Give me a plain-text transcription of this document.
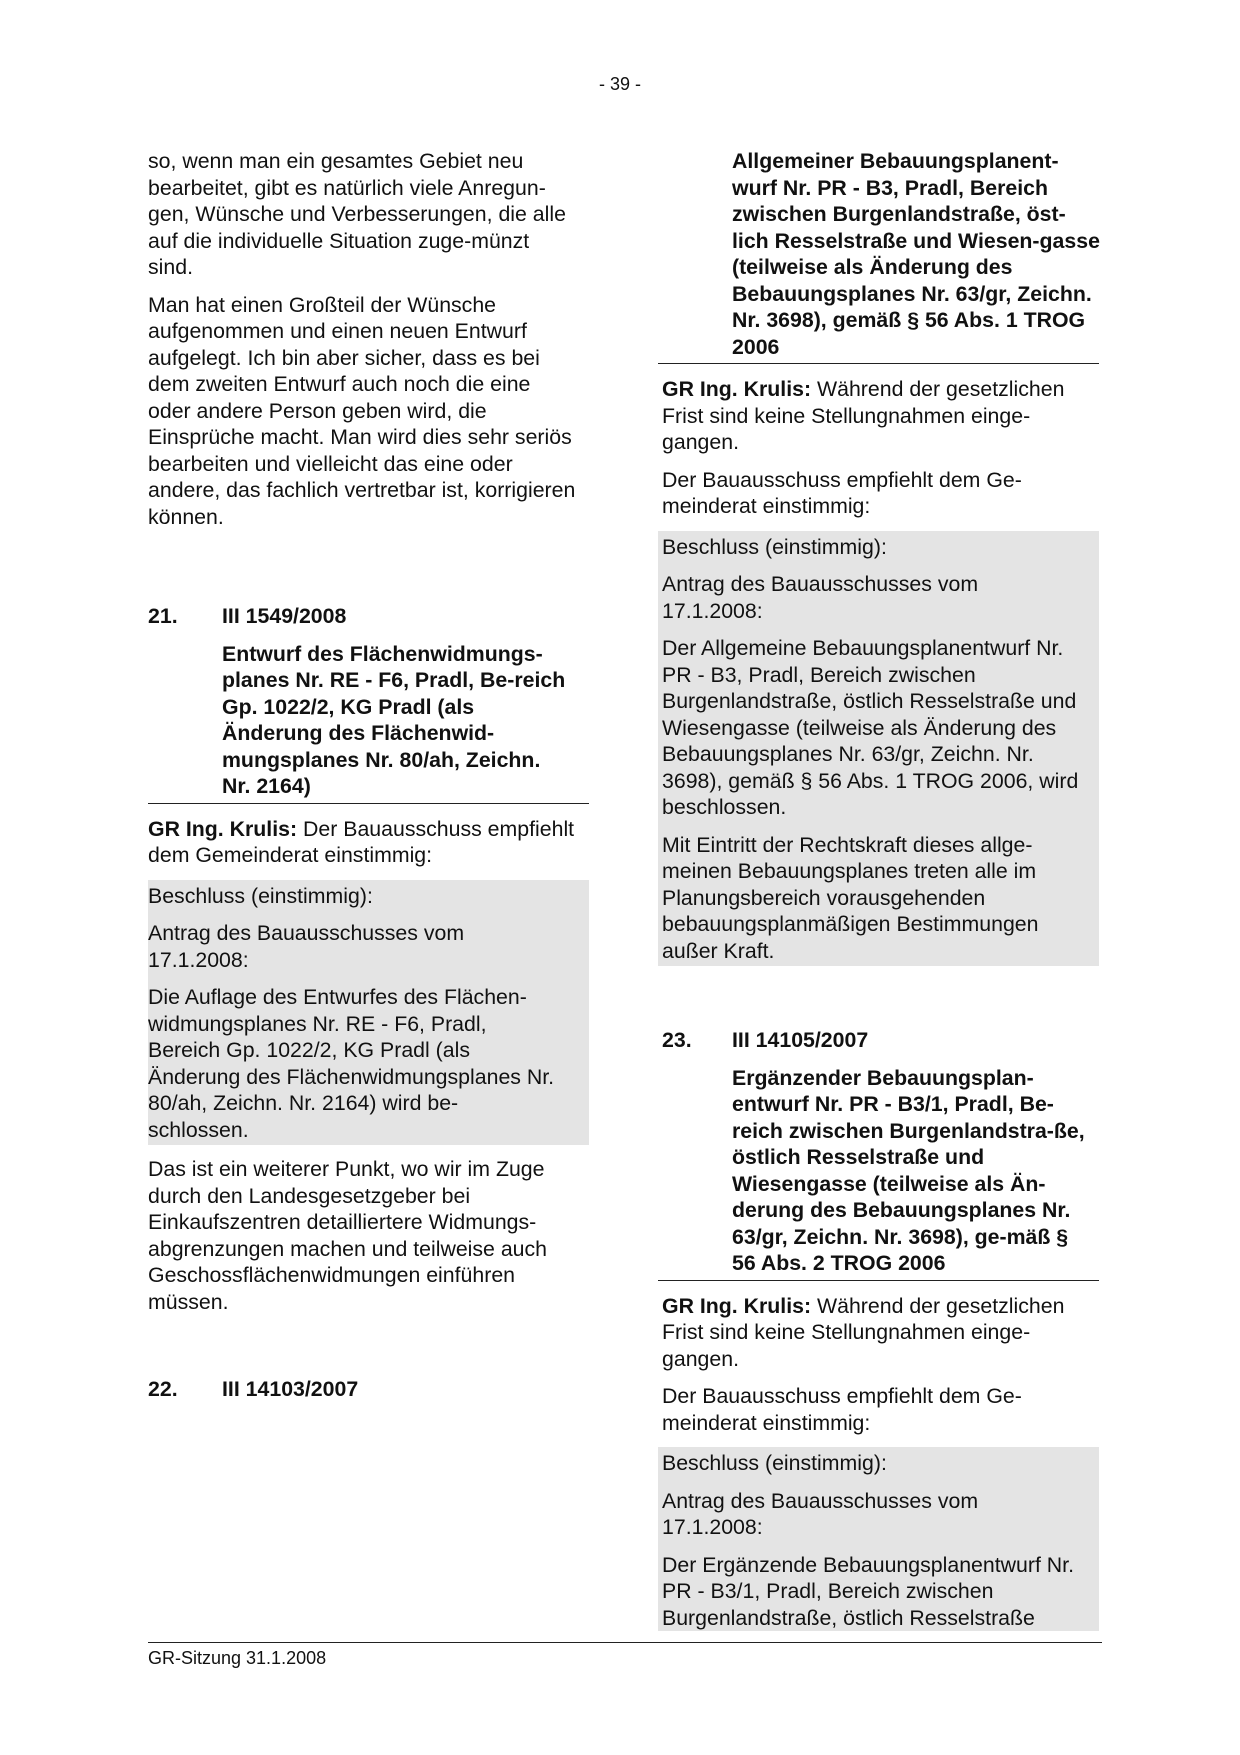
- 39 -

so, wenn man ein gesamtes Gebiet neu bearbeitet, gibt es natürlich viele Anregun-gen, Wünsche und Verbesserungen, die alle auf die individuelle Situation zuge-münzt sind.

Man hat einen Großteil der Wünsche aufgenommen und einen neuen Entwurf aufgelegt. Ich bin aber sicher, dass es bei dem zweiten Entwurf auch noch die eine oder andere Person geben wird, die Einsprüche macht. Man wird dies sehr seriös bearbeiten und vielleicht das eine oder andere, das fachlich vertretbar ist, korrigieren können.

21.	III 1549/2008
Entwurf des Flächenwidmungs-planes Nr. RE - F6, Pradl, Be-reich Gp. 1022/2, KG Pradl (als Änderung des Flächenwid-mungsplanes Nr. 80/ah, Zeichn. Nr. 2164)

GR Ing. Krulis: Der Bauausschuss empfiehlt dem Gemeinderat einstimmig:

Beschluss (einstimmig):

Antrag des Bauausschusses vom 17.1.2008:

Die Auflage des Entwurfes des Flächen-widmungsplanes Nr. RE - F6, Pradl, Bereich Gp. 1022/2, KG Pradl (als Änderung des Flächenwidmungsplanes Nr. 80/ah, Zeichn. Nr. 2164) wird be-schlossen.

Das ist ein weiterer Punkt, wo wir im Zuge durch den Landesgesetzgeber bei Einkaufszentren detailliertere Widmungs-abgrenzungen machen und teilweise auch Geschossflächenwidmungen einführen müssen.

22.	III 14103/2007
Allgemeiner Bebauungsplanent-wurf Nr. PR - B3, Pradl, Bereich zwischen Burgenlandstraße, öst-lich Resselstraße und Wiesen-gasse (teilweise als Änderung des Bebauungsplanes Nr. 63/gr, Zeichn. Nr. 3698), gemäß § 56 Abs. 1 TROG 2006

GR Ing. Krulis: Während der gesetzlichen Frist sind keine Stellungnahmen einge-gangen.

Der Bauausschuss empfiehlt dem Ge-meinderat einstimmig:

Beschluss (einstimmig):

Antrag des Bauausschusses vom 17.1.2008:

Der Allgemeine Bebauungsplanentwurf Nr. PR - B3, Pradl, Bereich zwischen Burgenlandstraße, östlich Resselstraße und Wiesengasse (teilweise als Änderung des Bebauungsplanes Nr. 63/gr, Zeichn. Nr. 3698), gemäß § 56 Abs. 1 TROG 2006, wird beschlossen.

Mit Eintritt der Rechtskraft dieses allge-meinen Bebauungsplanes treten alle im Planungsbereich vorausgehenden bebauungsplanmäßigen Bestimmungen außer Kraft.

23.	III 14105/2007
Ergänzender Bebauungsplan-entwurf Nr. PR - B3/1, Pradl, Be-reich zwischen Burgenlandstra-ße, östlich Resselstraße und Wiesengasse (teilweise als Än-derung des Bebauungsplanes Nr. 63/gr, Zeichn. Nr. 3698), ge-mäß § 56 Abs. 2 TROG 2006

GR Ing. Krulis: Während der gesetzlichen Frist sind keine Stellungnahmen einge-gangen.

Der Bauausschuss empfiehlt dem Ge-meinderat einstimmig:

Beschluss (einstimmig):

Antrag des Bauausschusses vom 17.1.2008:

Der Ergänzende Bebauungsplanentwurf Nr. PR - B3/1, Pradl, Bereich zwischen Burgenlandstraße, östlich Resselstraße

GR-Sitzung 31.1.2008
